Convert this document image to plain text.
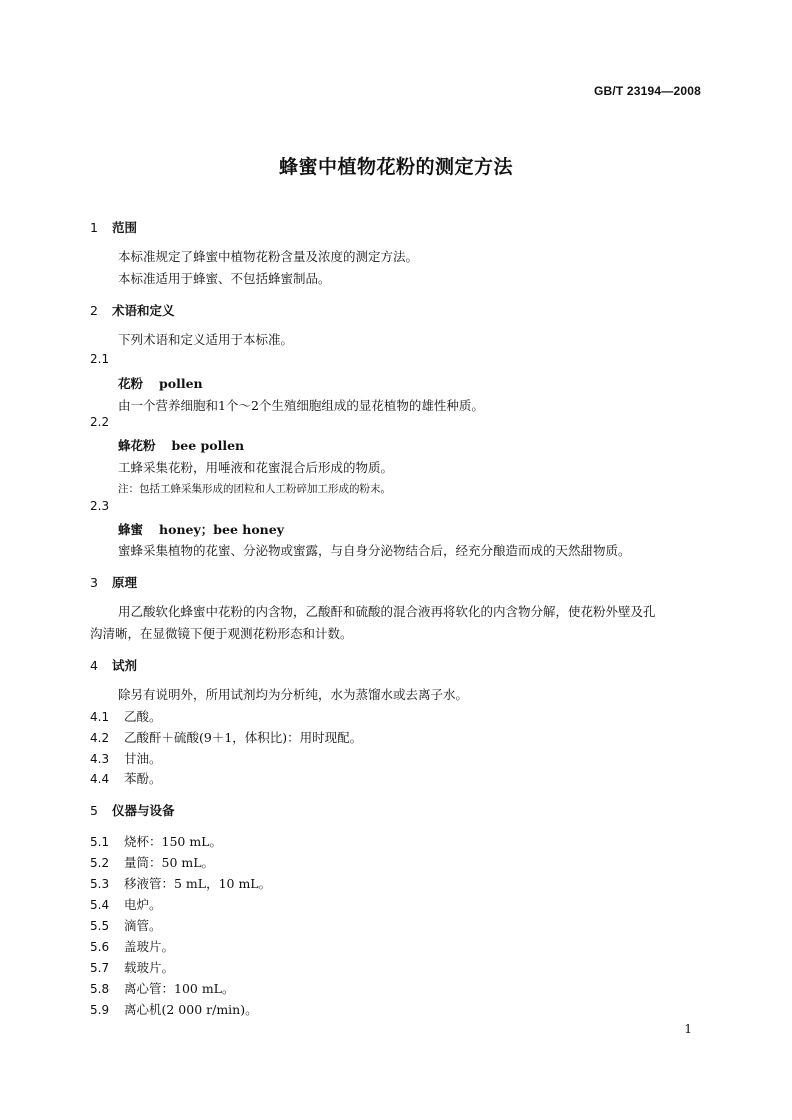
GB/T 23194—2008
蜂蜜中植物花粉的测定方法
1 范围
本标准规定了蜂蜜中植物花粉含量及浓度的测定方法。
本标准适用于蜂蜜、不包括蜂蜜制品。
2 术语和定义
下列术语和定义适用于本标准。
2.1
花粉 pollen
由一个营养细胞和1个～2个生殖细胞组成的显花植物的雄性种质。
2.2
蜂花粉 bee pollen
工蜂采集花粉，用唾液和花蜜混合后形成的物质。
注：包括工蜂采集形成的团粒和人工粉碎加工形成的粉末。
2.3
蜂蜜 honey；bee honey
蜜蜂采集植物的花蜜、分泌物或蜜露，与自身分泌物结合后，经充分酿造而成的天然甜物质。
3 原理
用乙酸软化蜂蜜中花粉的内含物，乙酸酐和硫酸的混合液再将软化的内含物分解，使花粉外壁及孔
沟清晰，在显微镜下便于观测花粉形态和计数。
4 试剂
除另有说明外，所用试剂均为分析纯，水为蒸馏水或去离子水。
4.1 乙酸。
4.2 乙酸酐＋硫酸(9＋1，体积比)：用时现配。
4.3 甘油。
4.4 苯酚。
5 仪器与设备
5.1 烧杯：150 mL。
5.2 量筒：50 mL。
5.3 移液管：5 mL，10 mL。
5.4 电炉。
5.5 滴管。
5.6 盖玻片。
5.7 载玻片。
5.8 离心管：100 mL。
5.9 离心机(2 000 r/min)。
1
